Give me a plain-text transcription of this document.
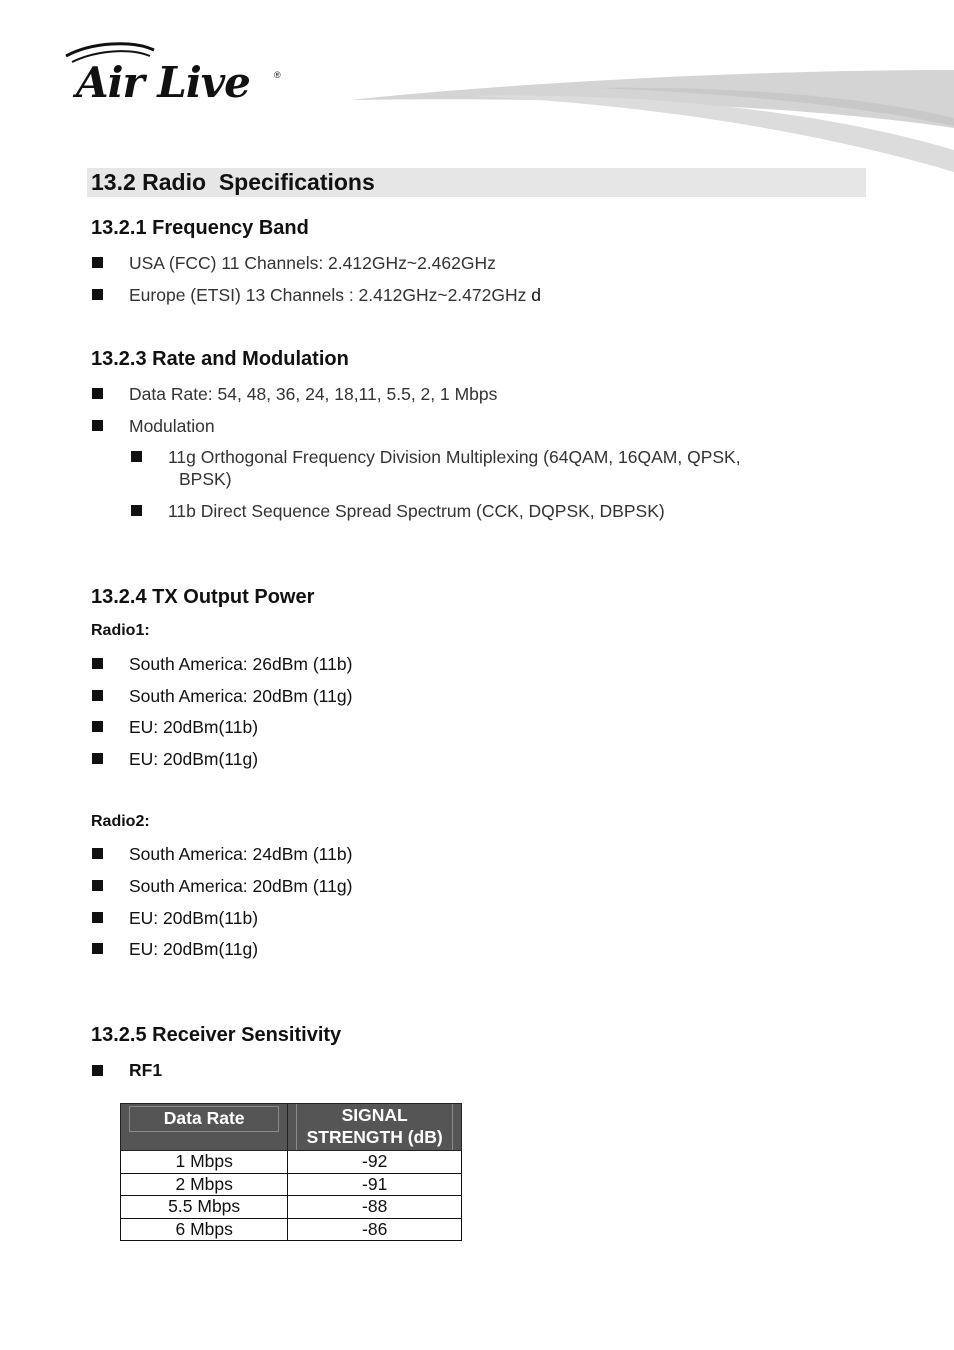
Air Live	®
13.2 Radio  Specifications
13.2.1 Frequency Band
USA (FCC) 11 Channels: 2.412GHz~2.462GHz
Europe (ETSI) 13 Channels : 2.412GHz~2.472GHz d
13.2.3 Rate and Modulation
Data Rate: 54, 48, 36, 24, 18,11, 5.5, 2, 1 Mbps
Modulation
11g Orthogonal Frequency Division Multiplexing (64QAM, 16QAM, QPSK,
BPSK)
11b Direct Sequence Spread Spectrum (CCK, DQPSK, DBPSK)
13.2.4 TX Output Power
Radio1:
South America: 26dBm (11b)
South America: 20dBm (11g)
EU: 20dBm(11b)
EU: 20dBm(11g)
Radio2:
South America: 24dBm (11b)
South America: 20dBm (11g)
EU: 20dBm(11b)
EU: 20dBm(11g)
13.2.5 Receiver Sensitivity
RF1
Data Rate	SIGNAL STRENGTH (dB)

1 Mbps	-92
2 Mbps	-91
5.5 Mbps	-88
6 Mbps	-86
